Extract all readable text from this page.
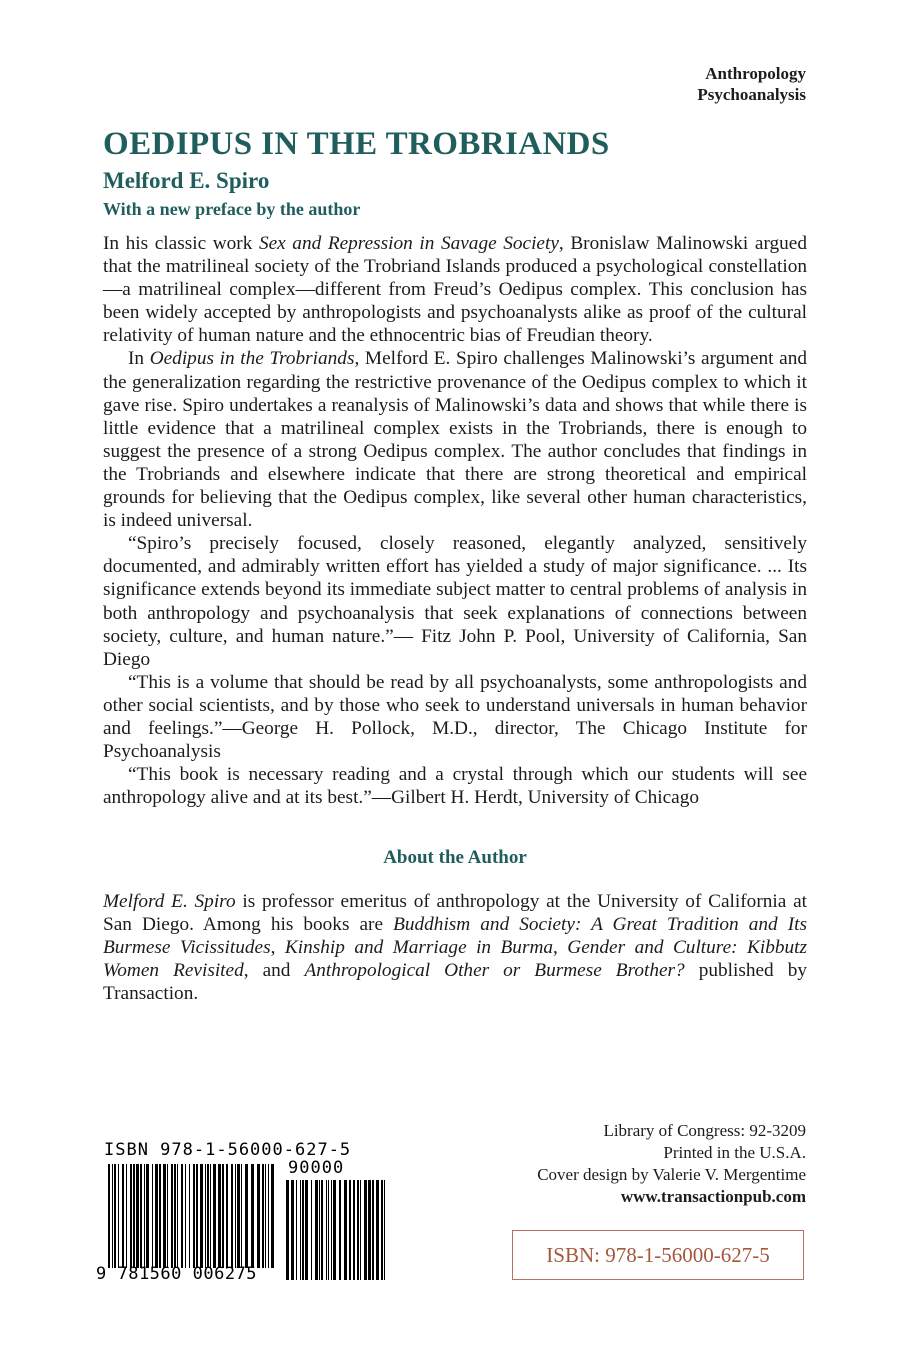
Anthropology
Psychoanalysis
OEDIPUS IN THE TROBRIANDS
Melford E. Spiro
With a new preface by the author

In his classic work Sex and Repression in Savage Society, Bronislaw Malinowski argued that the matrilineal society of the Trobriand Islands produced a psychological constellation—a matrilineal complex—different from Freud’s Oedipus complex. This conclusion has been widely accepted by anthropologists and psychoanalysts alike as proof of the cultural relativity of human nature and the ethnocentric bias of Freudian theory.

In Oedipus in the Trobriands, Melford E. Spiro challenges Malinowski’s argument and the generalization regarding the restrictive provenance of the Oedipus complex to which it gave rise. Spiro undertakes a reanalysis of Malinowski’s data and shows that while there is little evidence that a matrilineal complex exists in the Trobriands, there is enough to suggest the presence of a strong Oedipus complex. The author concludes that findings in the Trobriands and elsewhere indicate that there are strong theoretical and empirical grounds for believing that the Oedipus complex, like several other human characteristics, is indeed universal.

“Spiro’s precisely focused, closely reasoned, elegantly analyzed, sensitively documented, and admirably written effort has yielded a study of major significance. ... Its significance extends beyond its immediate subject matter to central problems of analysis in both anthropology and psychoanalysis that seek explanations of connections between society, culture, and human nature.”— Fitz John P. Pool, University of California, San Diego

“This is a volume that should be read by all psychoanalysts, some anthropologists and other social scientists, and by those who seek to understand universals in human behavior and feelings.”—George H. Pollock, M.D., director, The Chicago Institute for Psychoanalysis

“This book is necessary reading and a crystal through which our students will see anthropology alive and at its best.”—Gilbert H. Herdt, University of Chicago

About the Author

Melford E. Spiro is professor emeritus of anthropology at the University of California at San Diego. Among his books are Buddhism and Society: A Great Tradition and Its Burmese Vicissitudes, Kinship and Marriage in Burma, Gender and Culture: Kibbutz Women Revisited, and Anthropological Other or Burmese Brother? published by Transaction.

ISBN 978-1-56000-627-5
90000
9 781560 006275
Library of Congress: 92-3209
Printed in the U.S.A.
Cover design by Valerie V. Mergentime
www.transactionpub.com
ISBN: 978-1-56000-627-5
